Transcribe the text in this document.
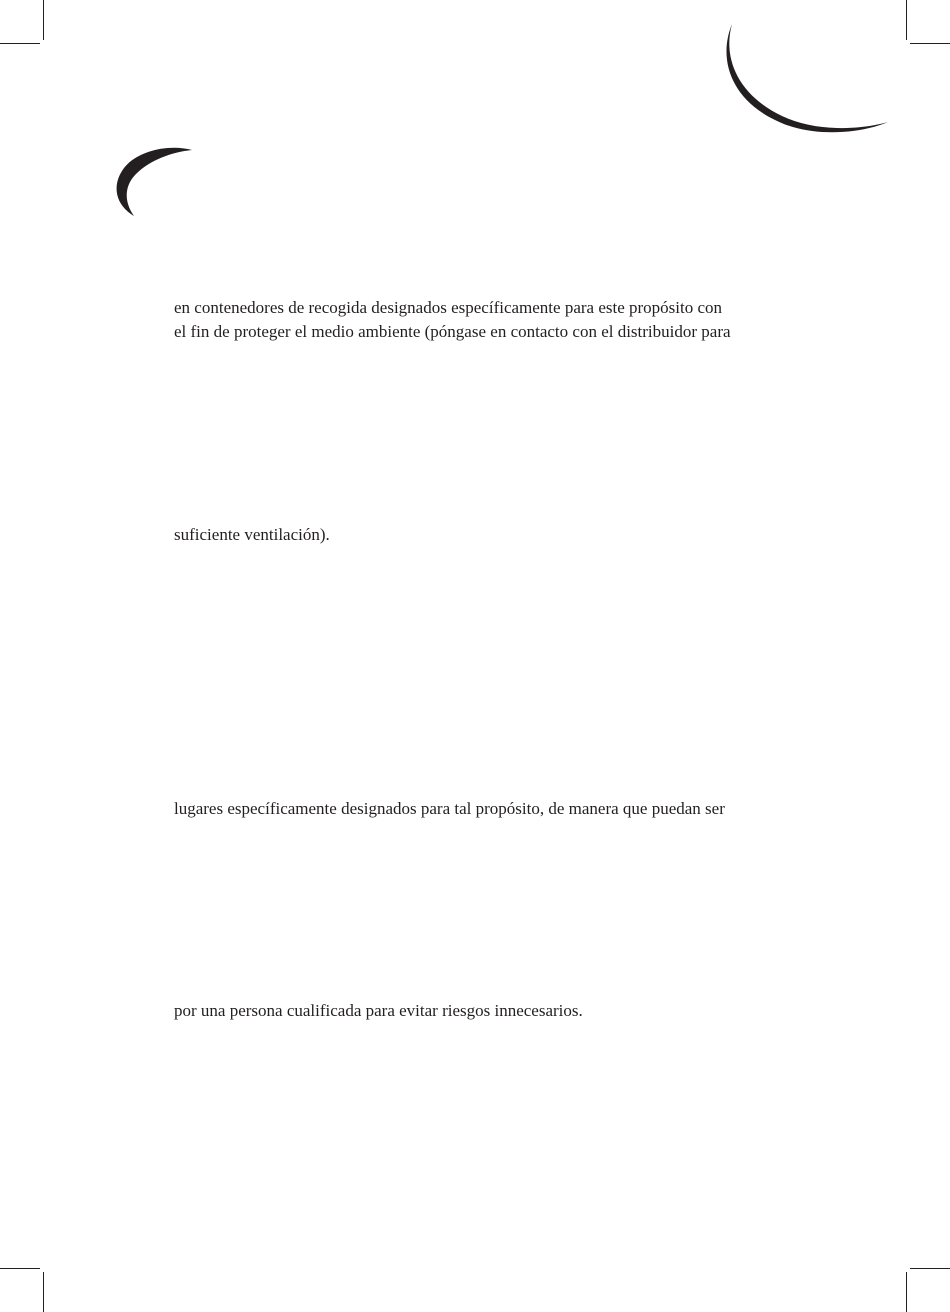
en contenedores de recogida designados específicamente para este propósito con
el fin de proteger el medio ambiente (póngase en contacto con el distribuidor para
suficiente ventilación).
lugares específicamente designados para tal propósito, de manera que puedan ser
por una persona cualificada para evitar riesgos innecesarios.
